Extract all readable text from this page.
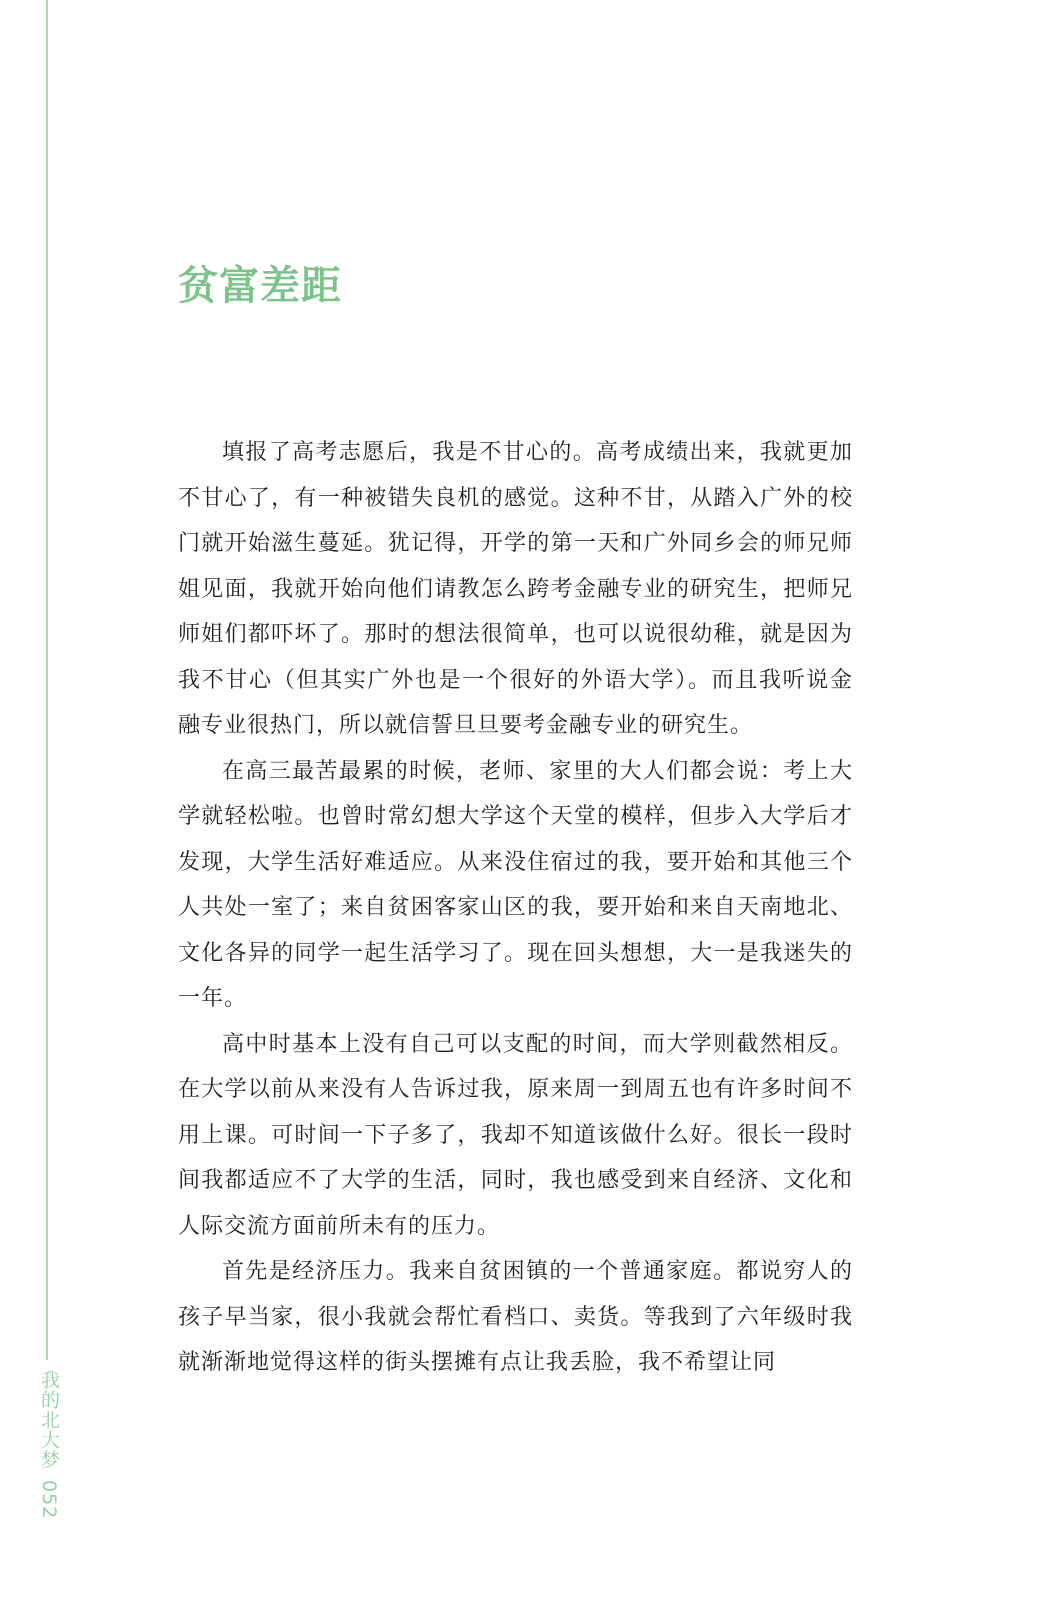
我的北大梦
052
贫富差距

填报了高考志愿后，我是不甘心的。高考成绩出来，我就更加不甘心了，有一种被错失良机的感觉。这种不甘，从踏入广外的校门就开始滋生蔓延。犹记得，开学的第一天和广外同乡会的师兄师姐见面，我就开始向他们请教怎么跨考金融专业的研究生，把师兄师姐们都吓坏了。那时的想法很简单，也可以说很幼稚，就是因为我不甘心（但其实广外也是一个很好的外语大学）。而且我听说金融专业很热门，所以就信誓旦旦要考金融专业的研究生。

在高三最苦最累的时候，老师、家里的大人们都会说：考上大学就轻松啦。也曾时常幻想大学这个天堂的模样，但步入大学后才发现，大学生活好难适应。从来没住宿过的我，要开始和其他三个人共处一室了；来自贫困客家山区的我，要开始和来自天南地北、文化各异的同学一起生活学习了。现在回头想想，大一是我迷失的一年。

高中时基本上没有自己可以支配的时间，而大学则截然相反。在大学以前从来没有人告诉过我，原来周一到周五也有许多时间不用上课。可时间一下子多了，我却不知道该做什么好。很长一段时间我都适应不了大学的生活，同时，我也感受到来自经济、文化和人际交流方面前所未有的压力。

首先是经济压力。我来自贫困镇的一个普通家庭。都说穷人的孩子早当家，很小我就会帮忙看档口、卖货。等我到了六年级时我就渐渐地觉得这样的街头摆摊有点让我丢脸，我不希望让同
